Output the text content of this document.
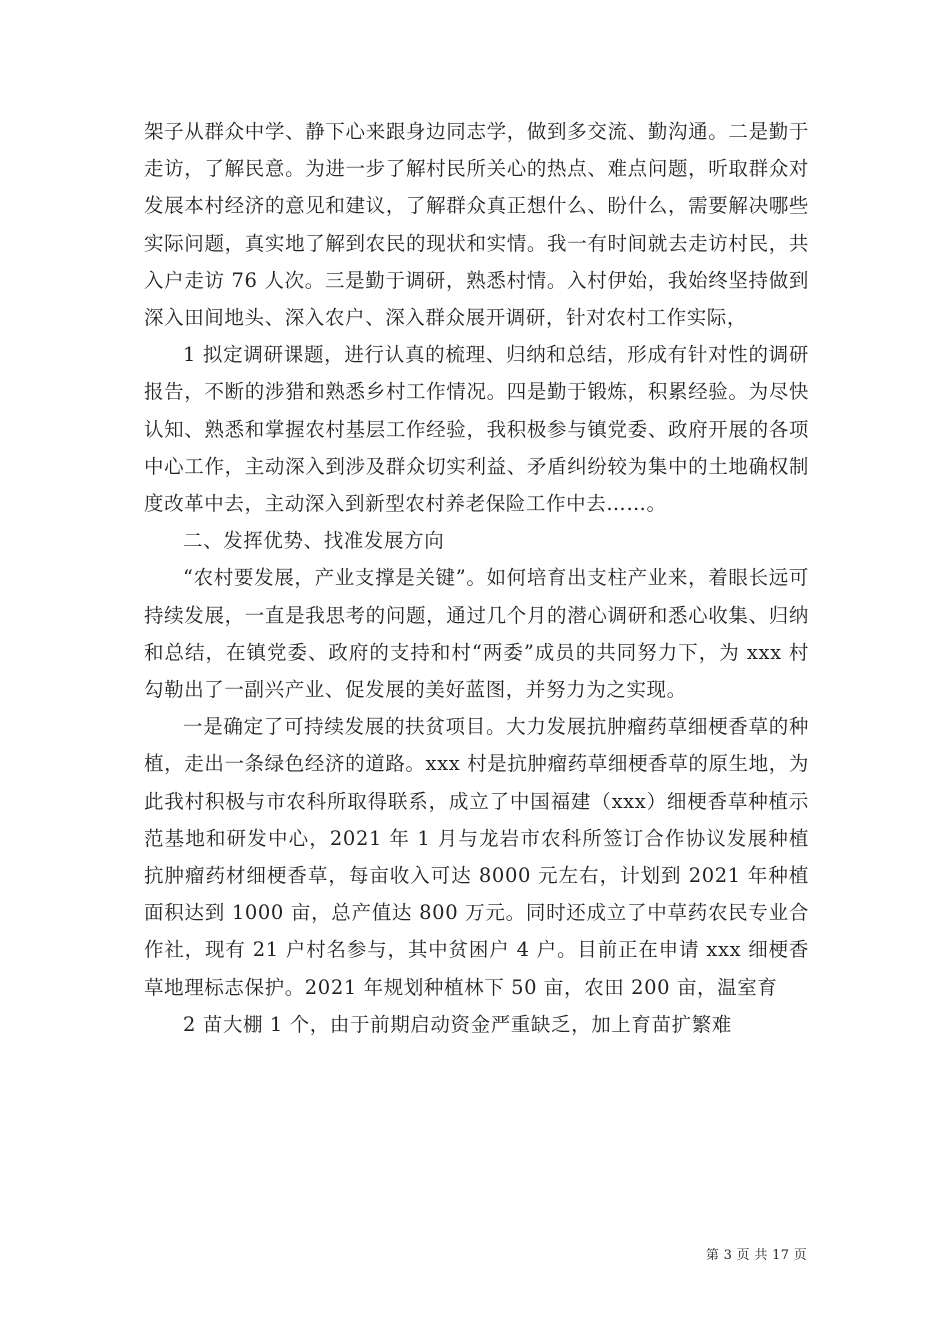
架子从群众中学、静下心来跟身边同志学，做到多交流、勤沟通。二是勤于走访，了解民意。为进一步了解村民所关心的热点、难点问题，听取群众对发展本村经济的意见和建议，了解群众真正想什么、盼什么，需要解决哪些实际问题，真实地了解到农民的现状和实情。我一有时间就去走访村民，共入户走访 76 人次。三是勤于调研，熟悉村情。入村伊始，我始终坚持做到深入田间地头、深入农户、深入群众展开调研，针对农村工作实际，

1 拟定调研课题，进行认真的梳理、归纳和总结，形成有针对性的调研报告，不断的涉猎和熟悉乡村工作情况。四是勤于锻炼，积累经验。为尽快认知、熟悉和掌握农村基层工作经验，我积极参与镇党委、政府开展的各项中心工作，主动深入到涉及群众切实利益、矛盾纠纷较为集中的土地确权制度改革中去，主动深入到新型农村养老保险工作中去……。

二、发挥优势、找准发展方向

“农村要发展，产业支撑是关键”。如何培育出支柱产业来，着眼长远可持续发展，一直是我思考的问题，通过几个月的潜心调研和悉心收集、归纳和总结，在镇党委、政府的支持和村“两委”成员的共同努力下，为 xxx 村勾勒出了一副兴产业、促发展的美好蓝图，并努力为之实现。

一是确定了可持续发展的扶贫项目。大力发展抗肿瘤药草细梗香草的种植，走出一条绿色经济的道路。xxx 村是抗肿瘤药草细梗香草的原生地，为此我村积极与市农科所取得联系，成立了中国福建（xxx）细梗香草种植示范基地和研发中心，2021 年 1 月与龙岩市农科所签订合作协议发展种植抗肿瘤药材细梗香草，每亩收入可达 8000 元左右，计划到 2021 年种植面积达到 1000 亩，总产值达 800 万元。同时还成立了中草药农民专业合作社，现有 21 户村名参与，其中贫困户 4 户。目前正在申请 xxx 细梗香草地理标志保护。2021 年规划种植林下 50 亩，农田 200 亩，温室育

2 苗大棚 1 个，由于前期启动资金严重缺乏，加上育苗扩繁难

第 3 页 共 17 页
